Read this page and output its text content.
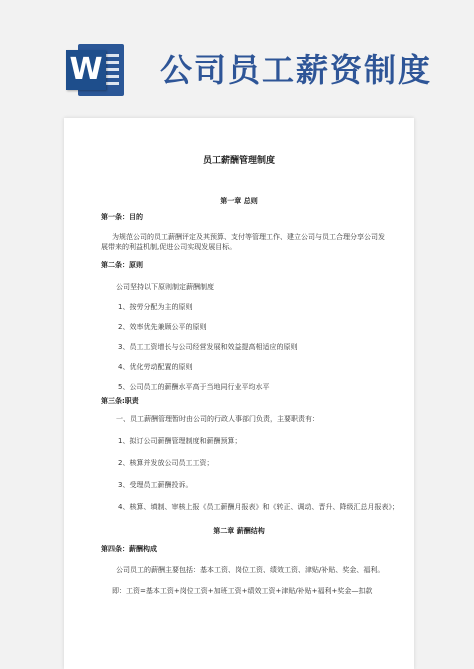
W 公司员工薪资制度
员工薪酬管理制度
第一章 总则
第一条：目的
为规范公司的员工薪酬评定及其预算、支付等管理工作、建立公司与员工合理分享公司发
展带来的利益机制,促进公司实现发展目标。
第二条：原则
公司坚持以下原则制定薪酬制度
1、按劳分配为主的原则
2、效率优先兼顾公平的原则
3、员工工资增长与公司经营发展和效益提高相适应的原则
4、优化劳动配置的原则
5、公司员工的薪酬水平高于当地同行业平均水平
第三条:职责
一、员工薪酬管理暂时由公司的行政人事部门负责，主要职责有：
1、拟订公司薪酬管理制度和薪酬预算；
2、核算并发放公司员工工资；
3、受理员工薪酬投诉。
4、核算、填制、审核上报《员工薪酬月报表》和《转正、调动、晋升、降级汇总月报表》；
第二章 薪酬结构
第四条：薪酬构成
公司员工的薪酬主要包括：基本工资、岗位工资、绩效工资、津贴/补贴、奖金、福利。
即：工资=基本工资+岗位工资+加班工资+绩效工资+津贴/补贴+福利+奖金—扣款
